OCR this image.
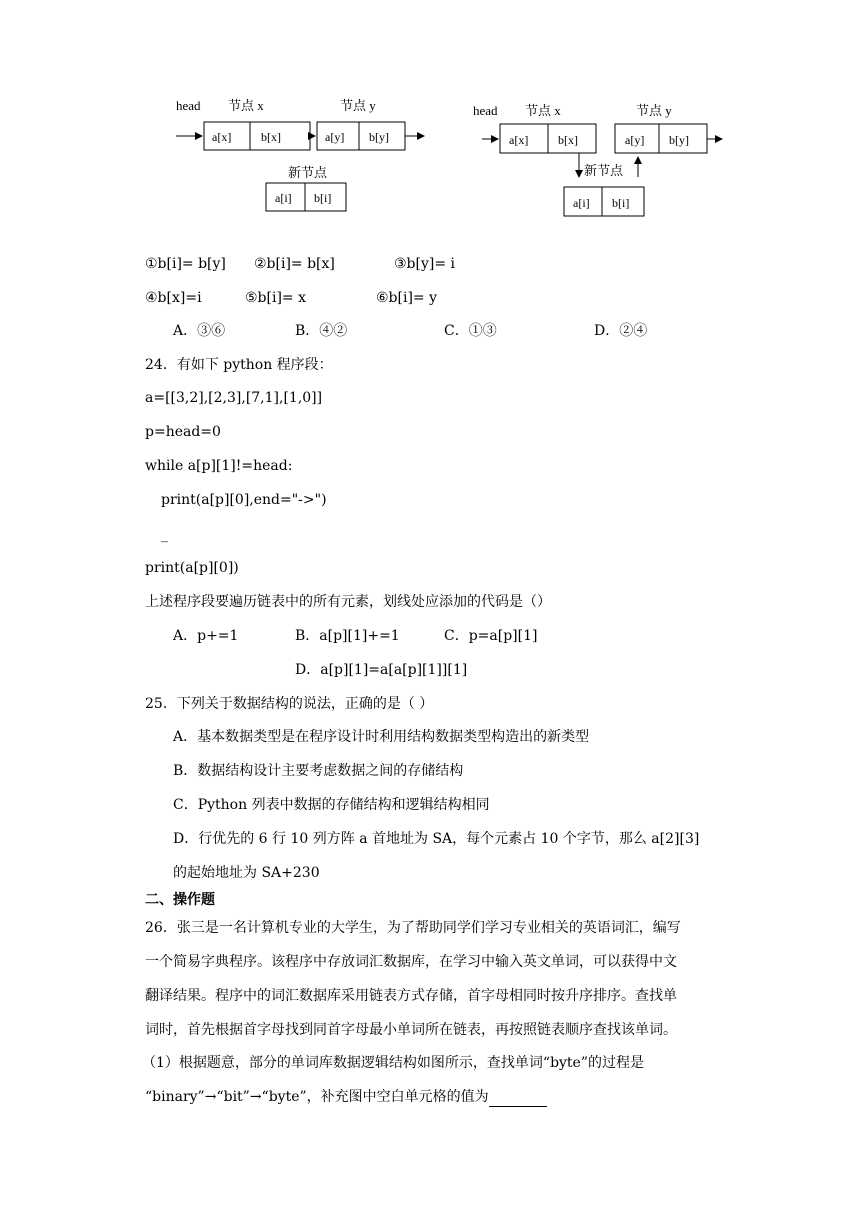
head 节点 x	节点 y
a[x] b[x]	a[y] b[y]
新节点
a[i] b[i]
head 节点 x	节点 y
a[x] b[x]	a[y] b[y]
新节点
a[i] b[i]
①b[i]= b[y] ②b[i]= b[x]	③b[y]= i
④b[x]=i	⑤b[i]= x	⑥b[i]= y
A．③⑥	B．④②	C．①③	D．②④
24．有如下 python 程序段：
a=[[3,2],[2,3],[7,1],[1,0]]
p=head=0
while a[p][1]!=head:
print(a[p][0],end="->")
_
print(a[p][0])
上述程序段要遍历链表中的所有元素，划线处应添加的代码是（）
A．p+=1	B．a[p][1]+=1	C．p=a[p][1]
D．a[p][1]=a[a[p][1]][1]
25．下列关于数据结构的说法，正确的是（ ）
A．基本数据类型是在程序设计时利用结构数据类型构造出的新类型
B．数据结构设计主要考虑数据之间的存储结构
C．Python 列表中数据的存储结构和逻辑结构相同
D．行优先的 6 行 10 列方阵 a 首地址为 SA，每个元素占 10 个字节，那么 a[2][3]
的起始地址为 SA+230
二、操作题
26．张三是一名计算机专业的大学生，为了帮助同学们学习专业相关的英语词汇，编写
一个简易字典程序。该程序中存放词汇数据库，在学习中输入英文单词，可以获得中文
翻译结果。程序中的词汇数据库采用链表方式存储，首字母相同时按升序排序。查找单
词时，首先根据首字母找到同首字母最小单词所在链表，再按照链表顺序查找该单词。
（1）根据题意，部分的单词库数据逻辑结构如图所示，查找单词“byte”的过程是
“binary”→“bit”→“byte”，补充图中空白单元格的值为
